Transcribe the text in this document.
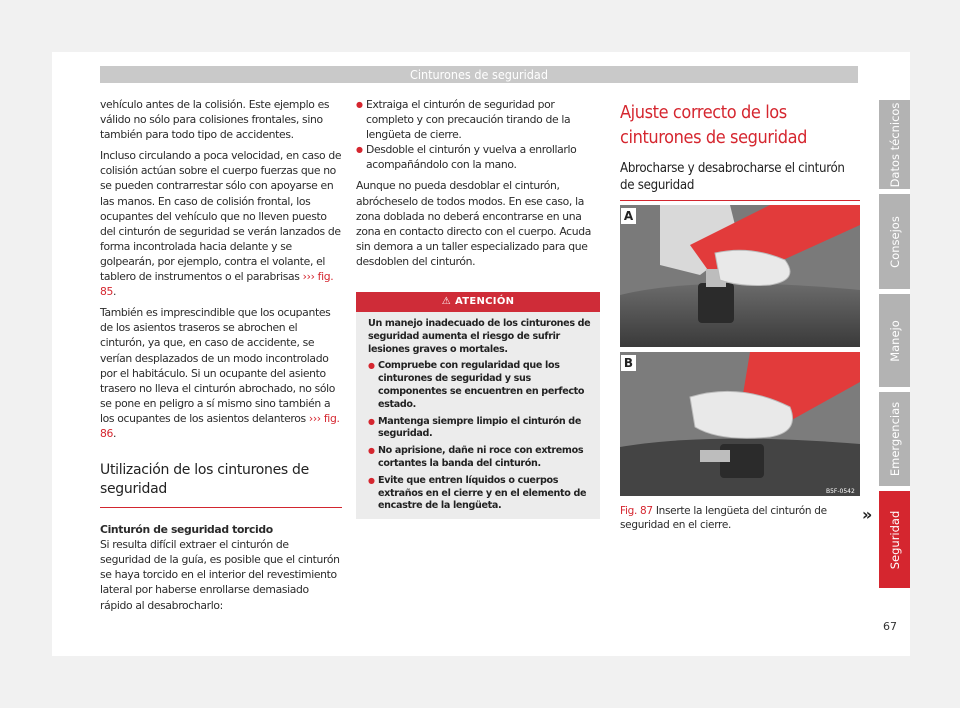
Cinturones de seguridad

vehículo antes de la colisión. Este ejemplo es válido no sólo para colisiones frontales, sino también para todo tipo de accidentes.

Incluso circulando a poca velocidad, en caso de colisión actúan sobre el cuerpo fuerzas que no se pueden contrarrestar sólo con apoyarse en las manos. En caso de colisión frontal, los ocupantes del vehículo que no lleven puesto del cinturón de seguridad se verán lanzados de forma incontrolada hacia delante y se golpearán, por ejemplo, contra el volante, el tablero de instrumentos o el parabrisas ››› fig. 85.

También es imprescindible que los ocupantes de los asientos traseros se abrochen el cinturón, ya que, en caso de accidente, se verían desplazados de un modo incontrolado por el habitáculo. Si un ocupante del asiento trasero no lleva el cinturón abrochado, no sólo se pone en peligro a sí mismo sino también a los ocupantes de los asientos delanteros ››› fig. 86.

Utilización de los cinturones de seguridad

Cinturón de seguridad torcido

Si resulta difícil extraer el cinturón de seguridad de la guía, es posible que el cinturón se haya torcido en el interior del revestimiento lateral por haberse enrollarse demasiado rápido al desabrocharlo:

● Extraiga el cinturón de seguridad por completo y con precaución tirando de la lengüeta de cierre.
● Desdoble el cinturón y vuelva a enrollarlo acompañándolo con la mano.

Aunque no pueda desdoblar el cinturón, abróchеselo de todos modos. En ese caso, la zona doblada no deberá encontrarse en una zona en contacto directo con el cuerpo. Acuda sin demora a un taller especializado para que desdoblen del cinturón.

⚠ ATENCIÓN

Un manejo inadecuado de los cinturones de seguridad aumenta el riesgo de sufrir lesiones graves o mortales.

● Compruebe con regularidad que los cinturones de seguridad y sus componentes se encuentren en perfecto estado.
● Mantenga siempre limpio el cinturón de seguridad.
● No aprisione, dañe ni roce con extremos cortantes la banda del cinturón.
● Evite que entren líquidos o cuerpos extraños en el cierre y en el elemento de encastre de la lengüeta.
Ajuste correcto de los cinturones de seguridad
Abrocharse y desabrocharse el cinturón de seguridad
A
B
B5F-0542
Fig. 87 Inserte la lengüeta del cinturón de seguridad en el cierre.
»
Datos técnicos
Consejos
Manejo
Emergencias
Seguridad
67
